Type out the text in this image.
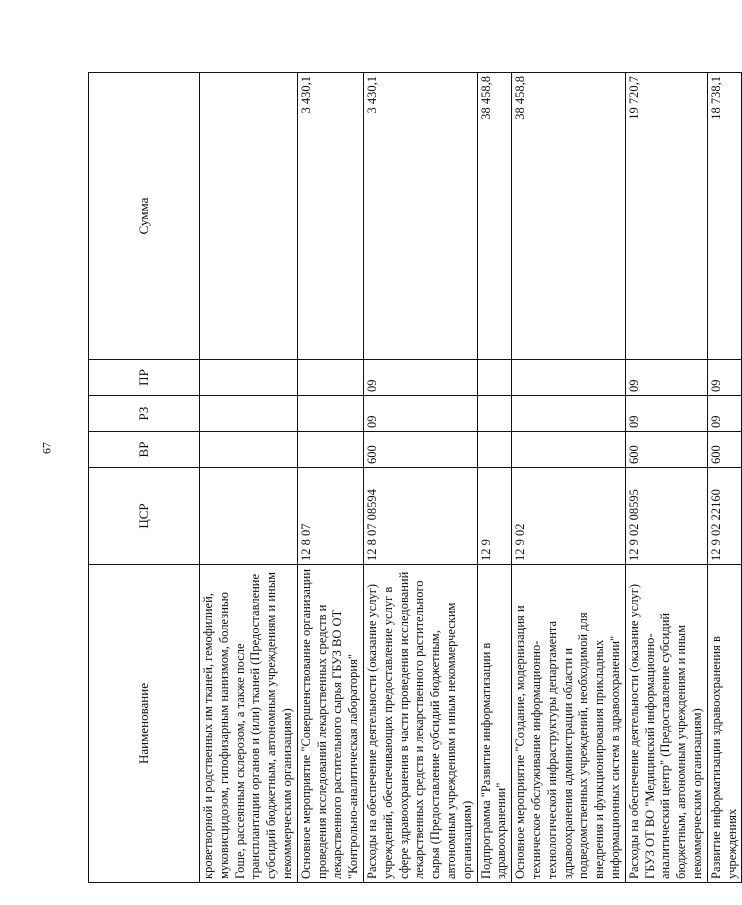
67
Наименование	ЦСР	ВР	РЗ	ПР	Сумма
кроветворной и родственных им тканей, гемофилией, муковисцидозом, гипофизарным нанизмом, болезнью Гоше, рассеянным склерозом, а также после трансплантации органов и (или) тканей (Предоставление субсидий бюджетным, автономным учреждениям и иным некоммерческим организациям)					
Основное мероприятие "Совершенствование организации проведения исследований лекарственных средств и лекарственного растительного сырья ГБУЗ ВО ОТ "Контрольно-аналитическая лаборатория"	12 8 07				3 430,1
Расходы на обеспечение деятельности (оказание услуг) учреждений, обеспечивающих предоставление услуг в сфере здравоохранения в части проведения исследований лекарственных средств и лекарственного растительного сырья (Предоставление субсидий бюджетным, автономным учреждениям и иным некоммерческим организациям)	12 8 07 08594	600	09	09	3 430,1
Подпрограмма "Развитие информатизации в здравоохранении"	12 9				38 458,8
Основное мероприятие "Создание, модернизация и техническое обслуживание информационно-технологической инфраструктуры департамента здравоохранения администрации области и подведомственных учреждений, необходимой для внедрения и функционирования прикладных информационных систем в здравоохранении"	12 9 02				38 458,8
Расходы на обеспечение деятельности (оказание услуг) ГБУЗ ОТ ВО "Медицинский информационно-аналитический центр" (Предоставление субсидий бюджетным, автономным учреждениям и иным некоммерческим организациям)	12 9 02 08595	600	09	09	19 720,7
Развитие информатизации здравоохранения в учреждениях	12 9 02 22160	600	09	09	18 738,1
